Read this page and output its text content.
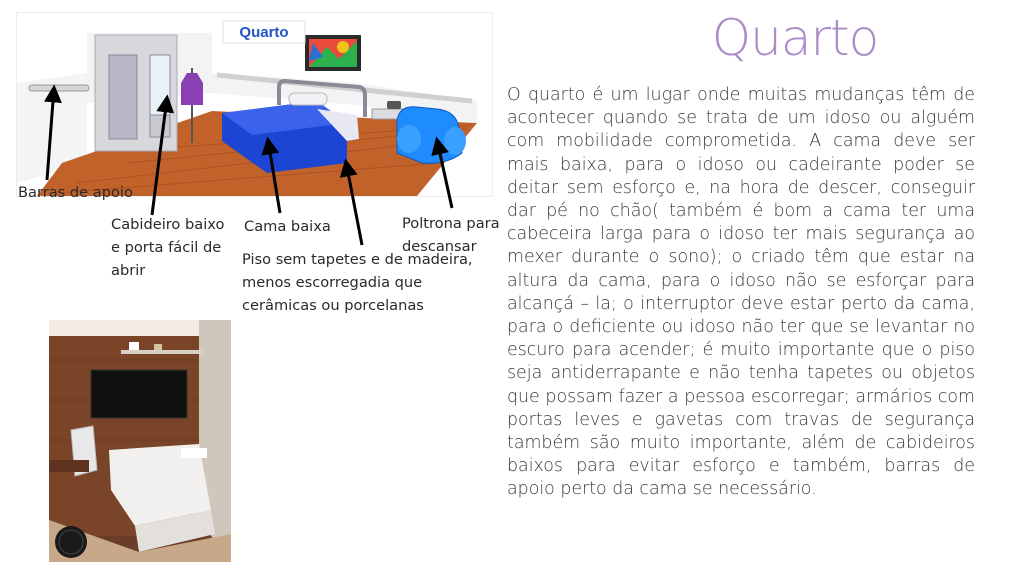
Quarto

O quarto é um lugar onde muitas mudanças têm de acontecer quando se trata de um idoso ou alguém com mobilidade comprometida. A cama deve ser mais baixa, para o idoso ou cadeirante poder se deitar sem esforço e, na hora de descer, conseguir dar pé no chão( também é bom a cama ter uma cabeceira larga para o idoso ter mais segurança ao mexer durante o sono); o criado têm que estar na altura da cama, para o idoso não se esforçar para alcançá – la; o interruptor deve estar perto da cama, para o deficiente ou idoso não ter que se levantar no escuro para acender; é muito importante que o piso seja antiderrapante e não tenha tapetes ou objetos que possam fazer a pessoa escorregar; armários com portas leves e gavetas com travas de segurança também são muito importante, além de cabideiros baixos para evitar esforço e também, barras de apoio perto da cama se necessário.

Quarto
Barras de apoio
Cabideiro baixo e porta fácil de abrir
Cama baixa	Poltrona para descansar
Piso sem tapetes e de madeira, menos escorregadia que cerâmicas ou porcelanas
